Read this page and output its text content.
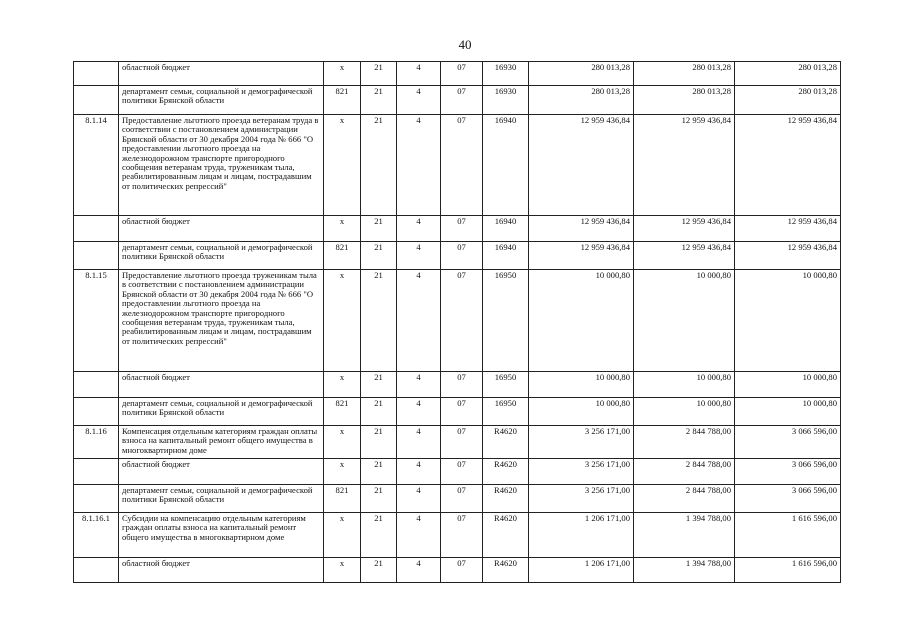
40
	областной бюджет	х	21	4	07	16930	280 013,28	280 013,28	280 013,28
	департамент семьи, социальной и демографической политики Брянской области	821	21	4	07	16930	280 013,28	280 013,28	280 013,28
8.1.14	Предоставление льготного проезда ветеранам труда в соответствии с постановлением администрации Брянской области от 30 декабря 2004 года № 666 "О предоставлении льготного проезда на железнодорожном транспорте пригородного сообщения ветеранам труда, труженикам тыла, реабилитированным лицам и лицам, пострадавшим от политических репрессий"	х	21	4	07	16940	12 959 436,84	12 959 436,84	12 959 436,84
	областной бюджет	х	21	4	07	16940	12 959 436,84	12 959 436,84	12 959 436,84
	департамент семьи, социальной и демографической политики Брянской области	821	21	4	07	16940	12 959 436,84	12 959 436,84	12 959 436,84
8.1.15	Предоставление льготного проезда труженикам тыла в соответствии с постановлением администрации Брянской области от 30 декабря 2004 года № 666 "О предоставлении льготного проезда на железнодорожном транспорте пригородного сообщения ветеранам труда, труженикам тыла, реабилитированным лицам и лицам, пострадавшим от политических репрессий"	х	21	4	07	16950	10 000,80	10 000,80	10 000,80
	областной бюджет	х	21	4	07	16950	10 000,80	10 000,80	10 000,80
	департамент семьи, социальной и демографической политики Брянской области	821	21	4	07	16950	10 000,80	10 000,80	10 000,80
8.1.16	Компенсация отдельным категориям граждан оплаты взноса на капитальный ремонт общего имущества в многоквартирном доме	х	21	4	07	R4620	3 256 171,00	2 844 788,00	3 066 596,00
	областной бюджет	х	21	4	07	R4620	3 256 171,00	2 844 788,00	3 066 596,00
	департамент семьи, социальной и демографической политики Брянской области	821	21	4	07	R4620	3 256 171,00	2 844 788,00	3 066 596,00
8.1.16.1	Субсидии на компенсацию отдельным категориям граждан оплаты взноса на капитальный ремонт общего имущества в многоквартирном доме	х	21	4	07	R4620	1 206 171,00	1 394 788,00	1 616 596,00
	областной бюджет	х	21	4	07	R4620	1 206 171,00	1 394 788,00	1 616 596,00
